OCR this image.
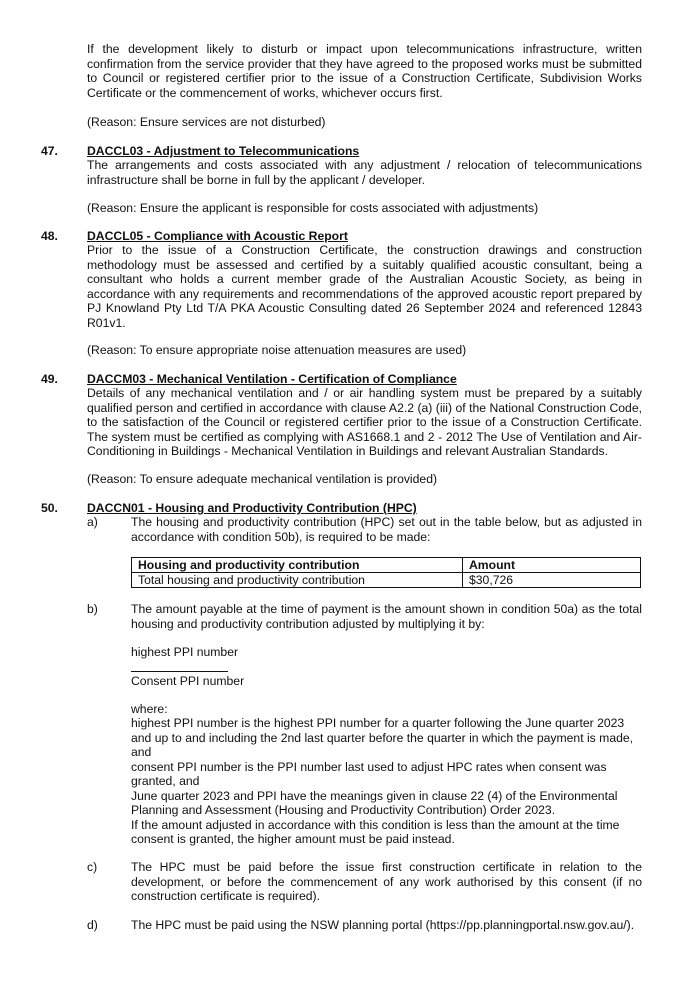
If the development likely to disturb or impact upon telecommunications infrastructure, written confirmation from the service provider that they have agreed to the proposed works must be submitted to Council or registered certifier prior to the issue of a Construction Certificate, Subdivision Works Certificate or the commencement of works, whichever occurs first.

(Reason: Ensure services are not disturbed)

47. DACCL03 - Adjustment to Telecommunications

The arrangements and costs associated with any adjustment / relocation of telecommunications infrastructure shall be borne in full by the applicant / developer.

(Reason: Ensure the applicant is responsible for costs associated with adjustments)

48. DACCL05 - Compliance with Acoustic Report

Prior to the issue of a Construction Certificate, the construction drawings and construction methodology must be assessed and certified by a suitably qualified acoustic consultant, being a consultant who holds a current member grade of the Australian Acoustic Society, as being in accordance with any requirements and recommendations of the approved acoustic report prepared by PJ Knowland Pty Ltd T/A PKA Acoustic Consulting dated 26 September 2024 and referenced 12843 R01v1.

(Reason: To ensure appropriate noise attenuation measures are used)

49. DACCM03 - Mechanical Ventilation - Certification of Compliance

Details of any mechanical ventilation and / or air handling system must be prepared by a suitably qualified person and certified in accordance with clause A2.2 (a) (iii) of the National Construction Code, to the satisfaction of the Council or registered certifier prior to the issue of a Construction Certificate. The system must be certified as complying with AS1668.1 and 2 - 2012 The Use of Ventilation and Air-Conditioning in Buildings - Mechanical Ventilation in Buildings and relevant Australian Standards.

(Reason: To ensure adequate mechanical ventilation is provided)

50. DACCN01 - Housing and Productivity Contribution (HPC)
a)	The housing and productivity contribution (HPC) set out in the table below, but as adjusted in accordance with condition 50b), is required to be made:

Housing and productivity contribution	Amount
Total housing and productivity contribution	$30,726
b)	The amount payable at the time of payment is the amount shown in condition 50a) as the total housing and productivity contribution adjusted by multiplying it by:

highest PPI number
Consent PPI number
where:
highest PPI number is the highest PPI number for a quarter following the June quarter 2023
and up to and including the 2nd last quarter before the quarter in which the payment is made,
and
consent PPI number is the PPI number last used to adjust HPC rates when consent was
granted, and
June quarter 2023 and PPI have the meanings given in clause 22 (4) of the Environmental
Planning and Assessment (Housing and Productivity Contribution) Order 2023.
If the amount adjusted in accordance with this condition is less than the amount at the time
consent is granted, the higher amount must be paid instead.
c)	The HPC must be paid before the issue first construction certificate in relation to the development, or before the commencement of any work authorised by this consent (if no construction certificate is required).

d)	The HPC must be paid using the NSW planning portal (https://pp.planningportal.nsw.gov.au/).
